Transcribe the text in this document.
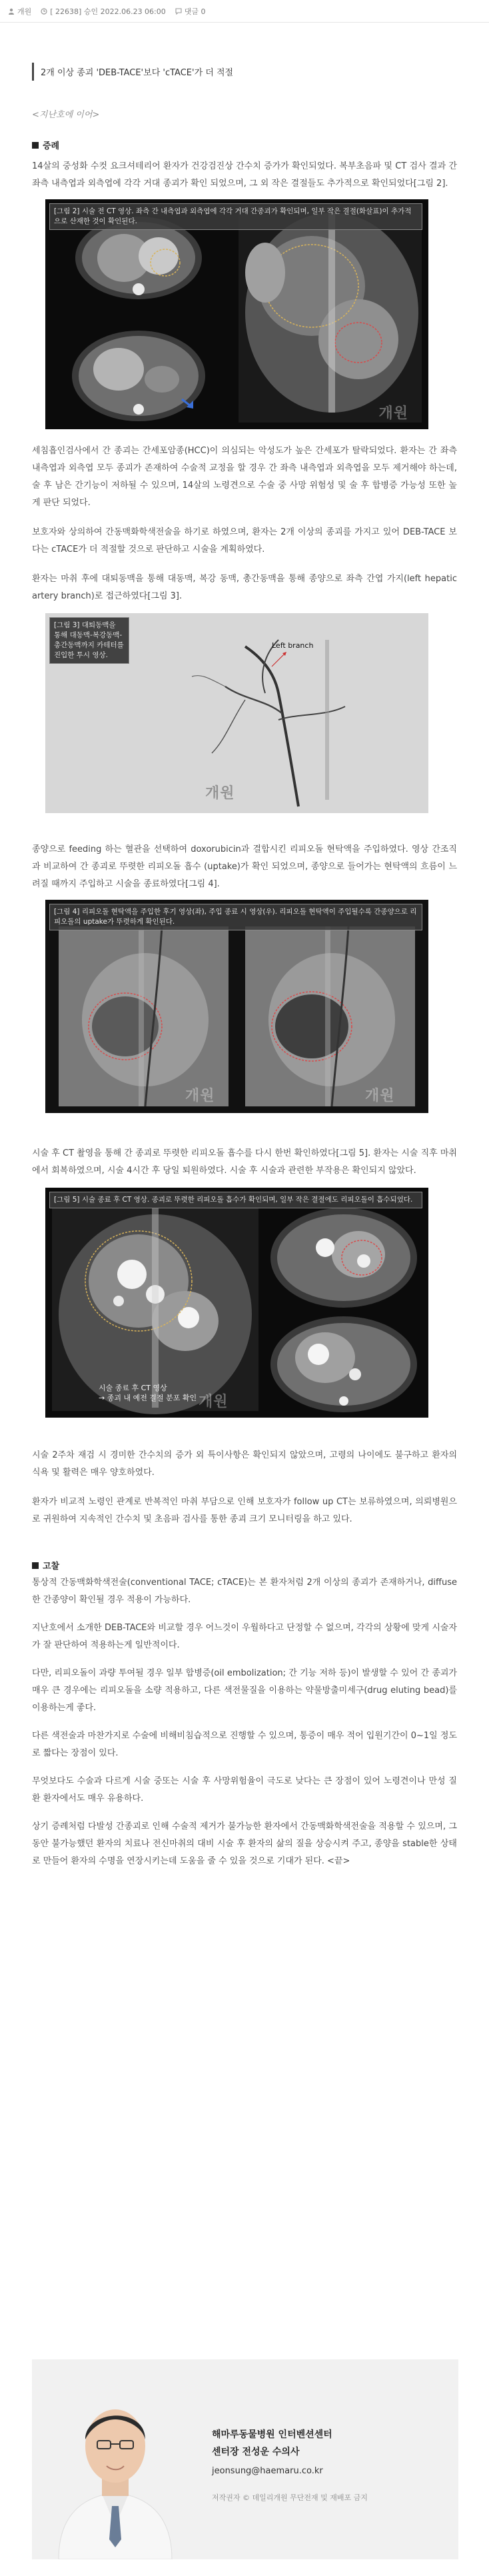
개원	[ 22638] 승인 2022.06.23 06:00	댓글 0
2개 이상 종괴 'DEB-TACE'보다 'cTACE'가 더 적절
<지난호에 이어>
증례

14살의 중성화 수컷 요크셔테리어 환자가 건강검진상 간수치 증가가 확인되었다. 복부초음파 및 CT 검사 결과 간 좌측 내측엽과 외측엽에 각각 거대 종괴가 확인 되었으며, 그 외 작은 결절들도 추가적으로 확인되었다[그림 2].

[그림 2] 시술 전 CT 영상. 좌측 간 내측엽과 외측엽에 각각 거대 간종괴가 확인되며, 일부 작은 결절(화살표)이 추가적으로 산재한 것이 확인된다.
개원

세침흡인검사에서 간 종괴는 간세포암종(HCC)이 의심되는 악성도가 높은 간세포가 탈락되었다. 환자는 간 좌측 내측엽과 외측엽 모두 종괴가 존재하여 수술적 교정을 할 경우 간 좌측 내측엽과 외측엽을 모두 제거해야 하는데, 술 후 남은 간기능이 저하될 수 있으며, 14살의 노령견으로 수술 중 사망 위험성 및 술 후 합병증 가능성 또한 높게 판단 되었다.

보호자와 상의하여 간동맥화학색전술을 하기로 하였으며, 환자는 2개 이상의 종괴를 가지고 있어 DEB-TACE 보다는 cTACE가 더 적절할 것으로 판단하고 시술을 계획하였다.

환자는 마취 후에 대퇴동맥을 통해 대동맥, 복강 동맥, 총간동맥을 통해 종양으로 좌측 간엽 가지(left hepatic artery branch)로 접근하였다[그림 3].

[그림 3] 대퇴동맥을 통해 대동맥-복강동맥-총간동맥까지 카테터를 진입한 투시 영상.
Left branch
개원

종양으로 feeding 하는 혈관을 선택하여 doxorubicin과 결합시킨 리피오돌 현탁액을 주입하였다. 영상 간조직과 비교하여 간 종괴로 뚜렷한 리피오돌 흡수 (uptake)가 확인 되었으며, 종양으로 들어가는 현탁액의 흐름이 느려질 때까지 주입하고 시술을 종료하였다[그림 4].

[그림 4] 리피오돌 현탁액을 주입한 후기 영상(좌), 주입 종료 시 영상(우). 리피오돌 현탁액이 주입될수록 간종양으로 리피오돌의 uptake가 뚜렷하게 확인된다.
개원	개원

시술 후 CT 촬영을 통해 간 종괴로 뚜렷한 리피오돌 흡수를 다시 한번 확인하였다[그림 5]. 환자는 시술 직후 마취에서 회복하였으며, 시술 4시간 후 당일 퇴원하였다. 시술 후 시술과 관련한 부작용은 확인되지 않았다.

[그림 5] 시술 종료 후 CT 영상. 종괴로 뚜렷한 리피오돌 흡수가 확인되며, 일부 작은 결절에도 리피오돌이 흡수되었다.
시술 종료 후 CT 영상
→ 종괴 내 예전 결절 분포 확인 개원

시술 2주차 재검 시 경미한 간수치의 증가 외 특이사항은 확인되지 않았으며, 고령의 나이에도 불구하고 환자의 식욕 및 활력은 매우 양호하였다.

환자가 비교적 노령인 관계로 반복적인 마취 부담으로 인해 보호자가 follow up CT는 보류하였으며, 의뢰병원으로 귀원하여 지속적인 간수치 및 초음파 검사를 통한 종괴 크기 모니터링을 하고 있다.

고찰

통상적 간동맥화학색전술(conventional TACE; cTACE)는 본 환자처럼 2개 이상의 종괴가 존재하거나, diffuse한 간종양이 확인될 경우 적용이 가능하다.

지난호에서 소개한 DEB-TACE와 비교할 경우 어느것이 우월하다고 단정할 수 없으며, 각각의 상황에 맞게 시술자가 잘 판단하여 적용하는게 일반적이다.

다만, 리피오돌이 과량 투여될 경우 일부 합병증(oil embolization; 간 기능 저하 등)이 발생할 수 있어 간 종괴가 매우 큰 경우에는 리피오돌을 소량 적용하고, 다른 색전물질을 이용하는 약물방출미세구(drug eluting bead)를 이용하는게 좋다.

다른 색전술과 마찬가지로 수술에 비해비침습적으로 진행할 수 있으며, 통증이 매우 적어 입원기간이 0~1일 정도로 짧다는 장점이 있다.

무엇보다도 수술과 다르게 시술 중또는 시술 후 사망위험율이 극도로 낮다는 큰 장점이 있어 노령견이나 만성 질환 환자에서도 매우 유용하다.

상기 증례처럼 다발성 간종괴로 인해 수술적 제거가 불가능한 환자에서 간동맥화학색전술을 적용할 수 있으며, 그동안 불가능했던 환자의 치료나 전신마취의 대비 시술 후 환자의 삶의 질을 상승시켜 주고, 종양을 stable한 상태로 만들어 환자의 수명을 연장시키는데 도움을 줄 수 있을 것으로 기대가 된다. <끝>

해마루동물병원 인터벤션센터
센터장 전성운 수의사
jeonsung@haemaru.co.kr
저작권자 © 데일리개원 무단전재 및 재배포 금지
